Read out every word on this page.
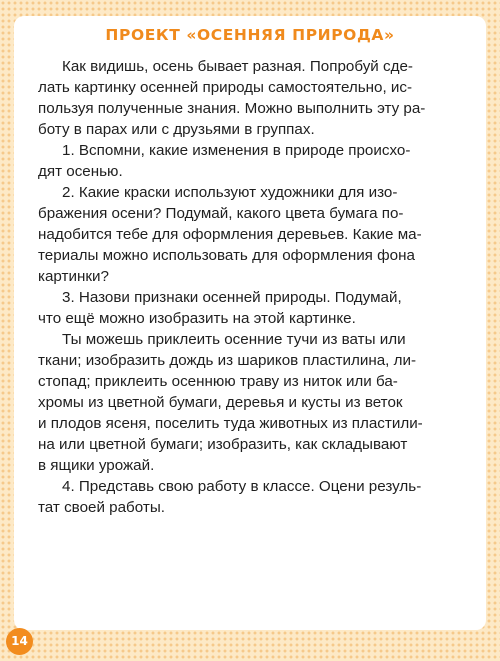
ПРОЕКТ «ОСЕННЯЯ ПРИРОДА»

Как видишь, осень бывает разная. Попробуй сде-
лать картинку осенней природы самостоятельно, ис-
пользуя полученные знания. Можно выполнить эту ра-
боту в парах или с друзьями в группах.

1. Вспомни, какие изменения в природе происхо-
дят осенью.

2. Какие краски используют художники для изо-
бражения осени? Подумай, какого цвета бумага по-
надобится тебе для оформления деревьев. Какие ма-
териалы можно использовать для оформления фона
картинки?

3. Назови признаки осенней природы. Подумай,
что ещё можно изобразить на этой картинке.

Ты можешь приклеить осенние тучи из ваты или
ткани; изобразить дождь из шариков пластилина, ли-
стопад; приклеить осеннюю траву из ниток или ба-
хромы из цветной бумаги, деревья и кусты из веток
и плодов ясеня, поселить туда животных из пластили-
на или цветной бумаги; изобразить, как складывают
в ящики урожай.

4. Представь свою работу в классе. Оцени резуль-
тат своей работы.

14
